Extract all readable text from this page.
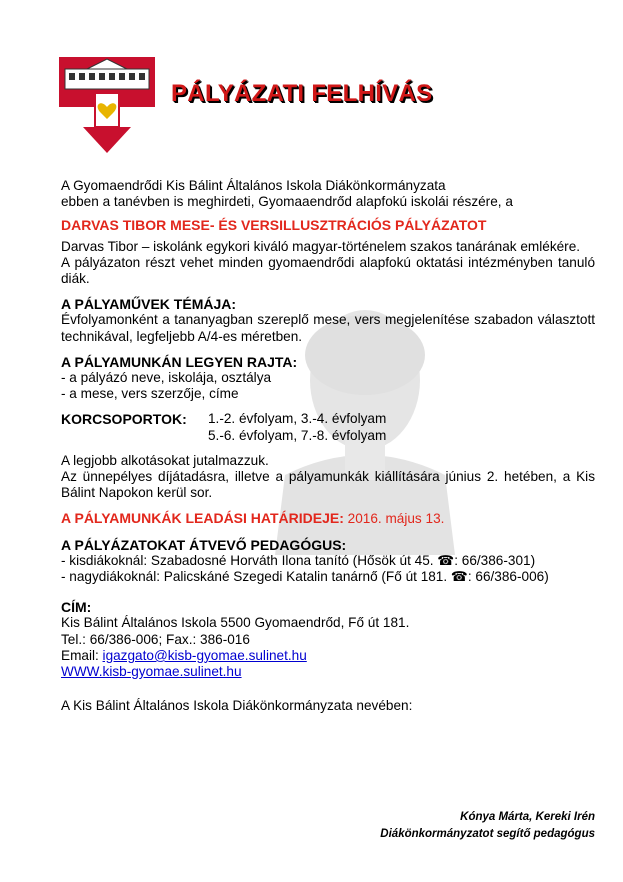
PÁLYÁZATI FELHÍVÁS

A Gyomaendrődi Kis Bálint Általános Iskola Diákönkormányzata

ebben a tanévben is meghirdeti, Gyomaaendrőd alapfokú iskolái részére, a

DARVAS TIBOR MESE- ÉS VERSILLUSZTRÁCIÓS PÁLYÁZATOT

Darvas Tibor – iskolánk egykori kiváló magyar-történelem szakos tanárának emlékére.

A pályázaton részt vehet minden gyomaendrődi alapfokú oktatási intézményben tanuló diák.

A PÁLYAMŰVEK TÉMÁJA:

Évfolyamonként a tananyagban szereplő mese, vers megjelenítése szabadon választott technikával, legfeljebb A/4-es méretben.

A PÁLYAMUNKÁN LEGYEN RAJTA:

- a pályázó neve, iskolája, osztálya

- a mese, vers szerzője, címe

KORCSOPORTOK:	1.-2. évfolyam, 3.-4. évfolyam

5.-6. évfolyam, 7.-8. évfolyam

A legjobb alkotásokat jutalmazzuk.

Az ünnepélyes díjátadásra, illetve a pályamunkák kiállítására június 2. hetében, a Kis Bálint Napokon kerül sor.

A PÁLYAMUNKÁK LEADÁSI HATÁRIDEJE: 2016. május 13.

A PÁLYÁZATOKAT ÁTVEVŐ PEDAGÓGUS:

- kisdiákoknál: Szabadosné Horváth Ilona tanító (Hősök út 45. ☎: 66/386-301)

- nagydiákoknál: Palicskáné Szegedi Katalin tanárnő (Fő út 181. ☎: 66/386-006)

CÍM:

Kis Bálint Általános Iskola 5500 Gyomaendrőd, Fő út 181.

Tel.: 66/386-006; Fax.: 386-016

Email: igazgato@kisb-gyomae.sulinet.hu

WWW.kisb-gyomae.sulinet.hu

A Kis Bálint Általános Iskola Diákönkormányzata nevében:

Kónya Márta, Kereki Irén
Diákönkormányzatot segítő pedagógus
